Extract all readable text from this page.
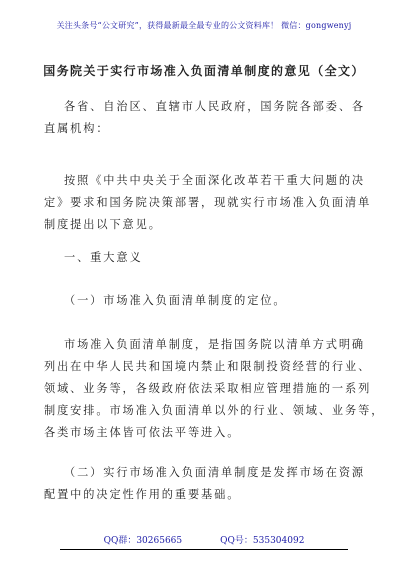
关注头条号“公文研究”，获得最新最全最专业的公文资料库！ 微信：gongwenyj
国务院关于实行市场准入负面清单制度的意见（全文）
各省、自治区、直辖市人民政府，国务院各部委、各
直属机构：
按照《中共中央关于全面深化改革若干重大问题的决
定》要求和国务院决策部署，现就实行市场准入负面清单
制度提出以下意见。
一、重大意义
（一）市场准入负面清单制度的定位。
市场准入负面清单制度，是指国务院以清单方式明确
列出在中华人民共和国境内禁止和限制投资经营的行业、
领域、业务等，各级政府依法采取相应管理措施的一系列
制度安排。市场准入负面清单以外的行业、领域、业务等，
各类市场主体皆可依法平等进入。
（二）实行市场准入负面清单制度是发挥市场在资源
配置中的决定性作用的重要基础。
QQ群：30265665	QQ号：535304092
